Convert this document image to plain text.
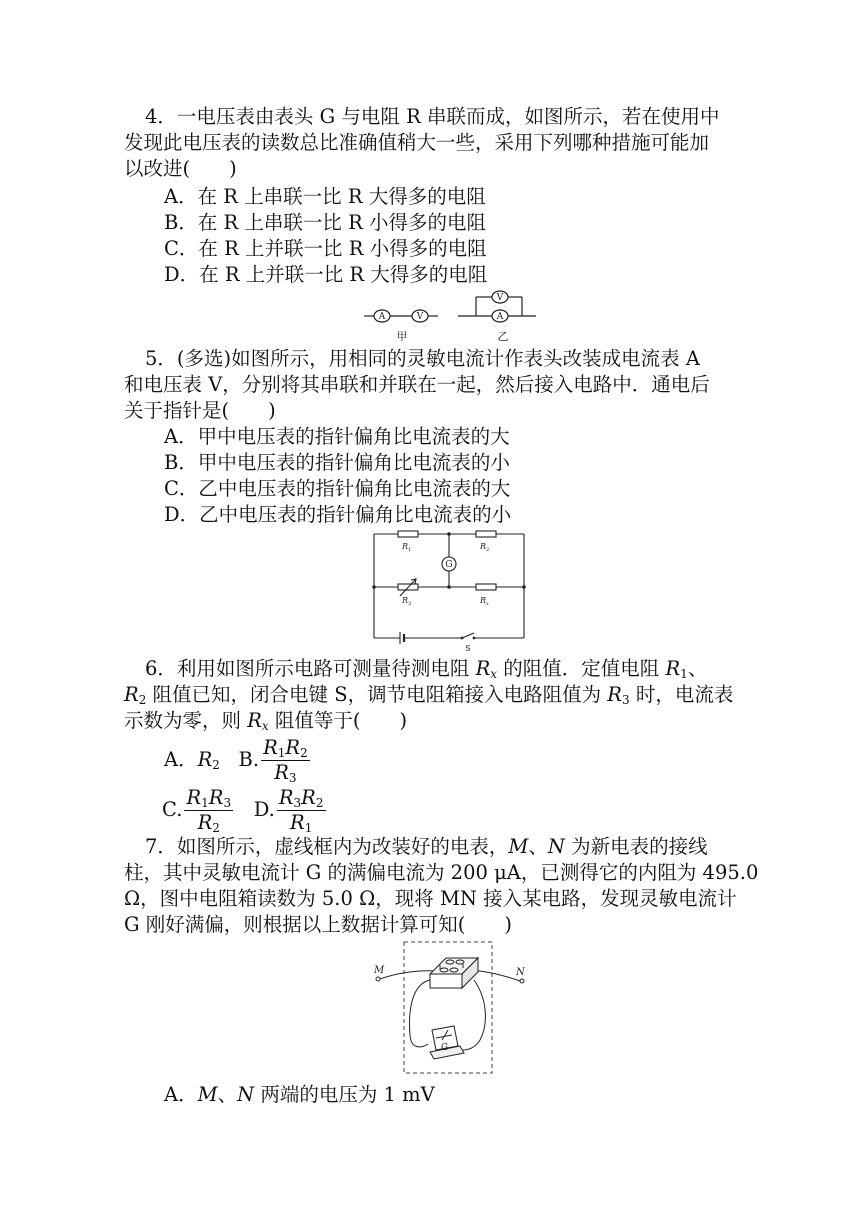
4．一电压表由表头 G 与电阻 R 串联而成，如图所示，若在使用中
发现此电压表的读数总比准确值稍大一些，采用下列哪种措施可能加
以改进(　　)
A．在 R 上串联一比 R 大得多的电阻
B．在 R 上串联一比 R 小得多的电阻
C．在 R 上并联一比 R 小得多的电阻
D．在 R 上并联一比 R 大得多的电阻
A	V	A
V
甲	乙
5．(多选)如图所示，用相同的灵敏电流计作表头改装成电流表 A
和电压表 V，分别将其串联和并联在一起，然后接入电路中．通电后
关于指针是(　　)
A．甲中电压表的指针偏角比电流表的大
B．甲中电压表的指针偏角比电流表的小
C．乙中电压表的指针偏角比电流表的大
D．乙中电压表的指针偏角比电流表的小
$R_1$	$R_2$
$R_3$	$R_x$
G
S
6．利用如图所示电路可测量待测电阻 $R_x$ 的阻值．定值电阻 $R_1$、
$R_2$ 阻值已知，闭合电键 S，调节电阻箱接入电路阻值为 $R_3$ 时，电流表
示数为零，则 $R_x$ 阻值等于(　　)
A．$R_2$ B. $\frac{R_1R_2}{R_3}$
C. $\frac{R_1R_3}{R_2} D$. $\frac{R_3R_2}{R_1}$
7．如图所示，虚线框内为改装好的电表，M、N 为新电表的接线
柱，其中灵敏电流计 G 的满偏电流为 200 μA，已测得它的内阻为 495.0
Ω，图中电阻箱读数为 5.0 Ω，现将 MN 接入某电路，发现灵敏电流计
G 刚好满偏，则根据以上数据计算可知(　　)
M	N
G
A．M、N 两端的电压为 1 mV
